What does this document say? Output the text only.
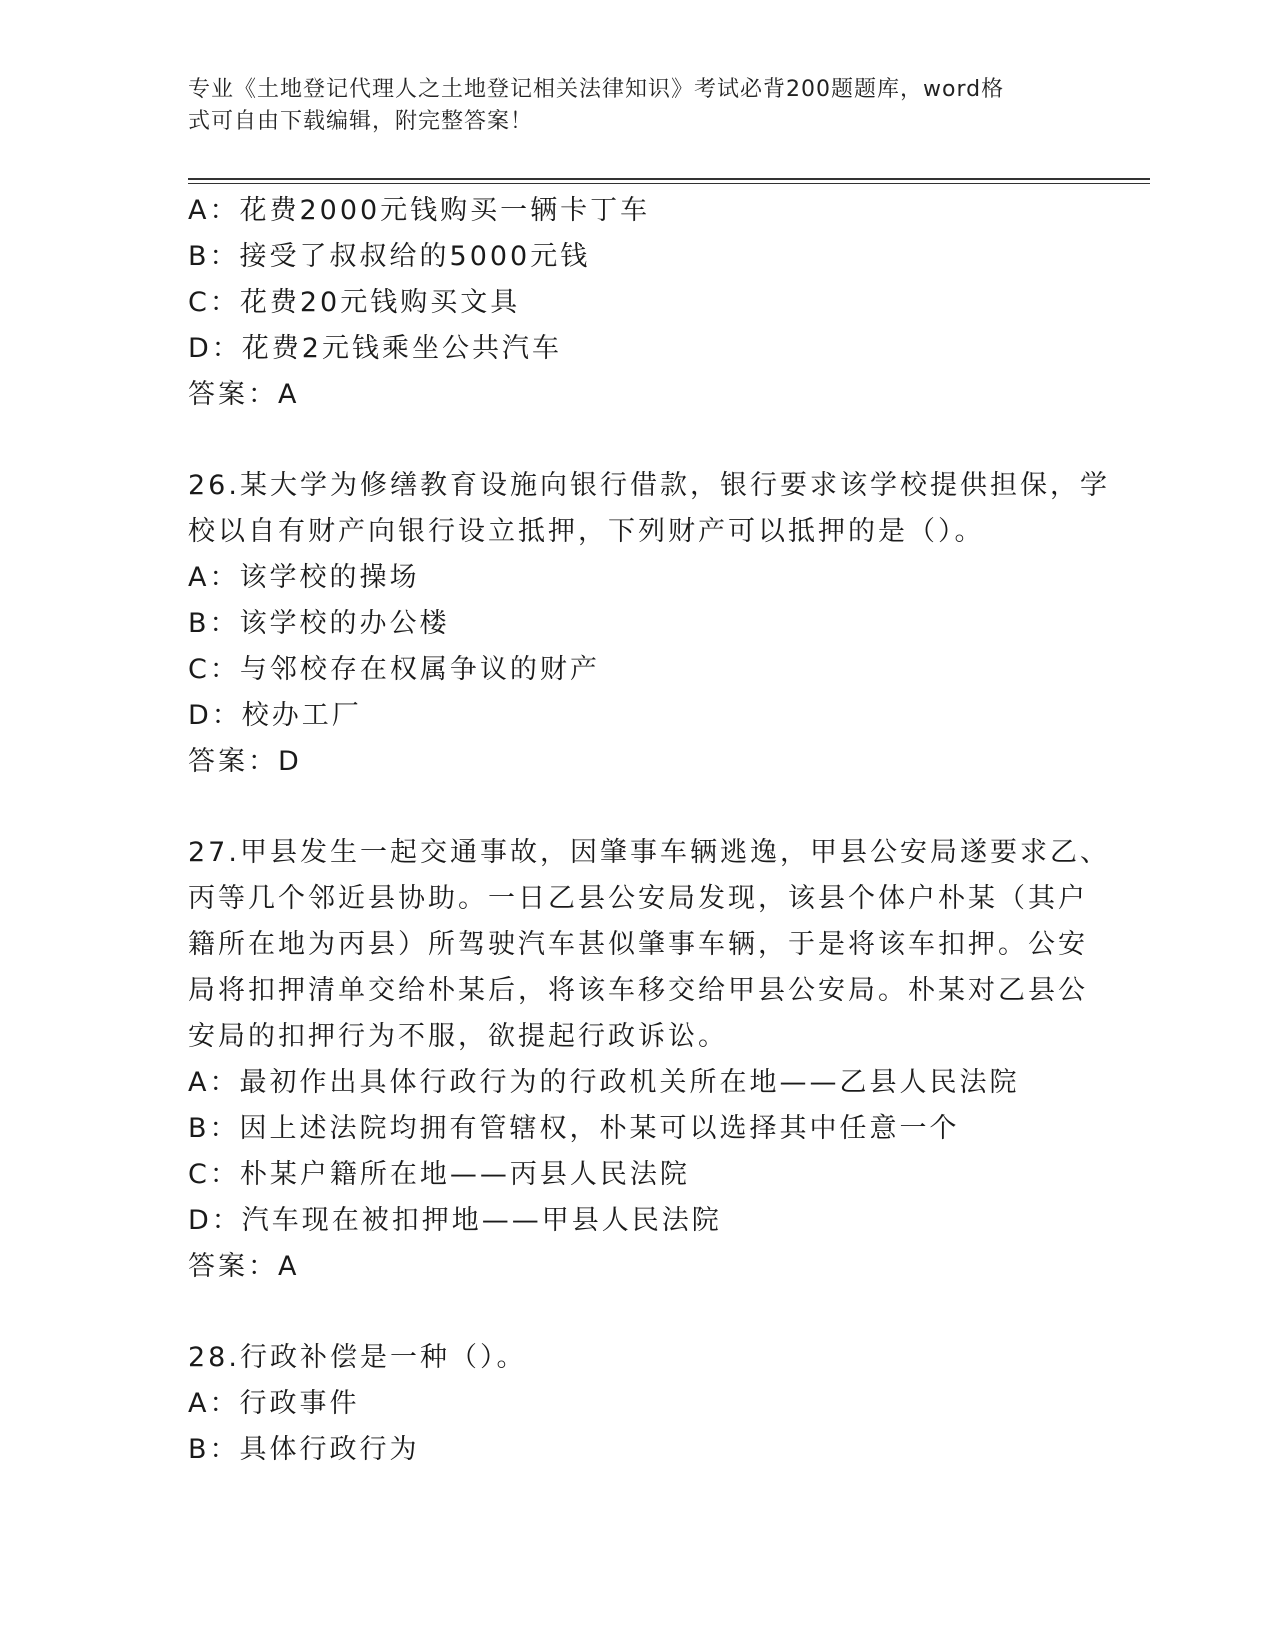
专业《土地登记代理人之土地登记相关法律知识》考试必背200题题库，word格
式可自由下载编辑，附完整答案！
A：花费2000元钱购买一辆卡丁车
B：接受了叔叔给的5000元钱
C：花费20元钱购买文具
D：花费2元钱乘坐公共汽车
答案：A
26.某大学为修缮教育设施向银行借款，银行要求该学校提供担保，学
校以自有财产向银行设立抵押，下列财产可以抵押的是（）。
A：该学校的操场
B：该学校的办公楼
C：与邻校存在权属争议的财产
D：校办工厂
答案：D
27.甲县发生一起交通事故，因肇事车辆逃逸，甲县公安局遂要求乙、
丙等几个邻近县协助。一日乙县公安局发现，该县个体户朴某（其户
籍所在地为丙县）所驾驶汽车甚似肇事车辆，于是将该车扣押。公安
局将扣押清单交给朴某后，将该车移交给甲县公安局。朴某对乙县公
安局的扣押行为不服，欲提起行政诉讼。
A：最初作出具体行政行为的行政机关所在地——乙县人民法院
B：因上述法院均拥有管辖权，朴某可以选择其中任意一个
C：朴某户籍所在地——丙县人民法院
D：汽车现在被扣押地——甲县人民法院
答案：A
28.行政补偿是一种（）。
A：行政事件
B：具体行政行为
